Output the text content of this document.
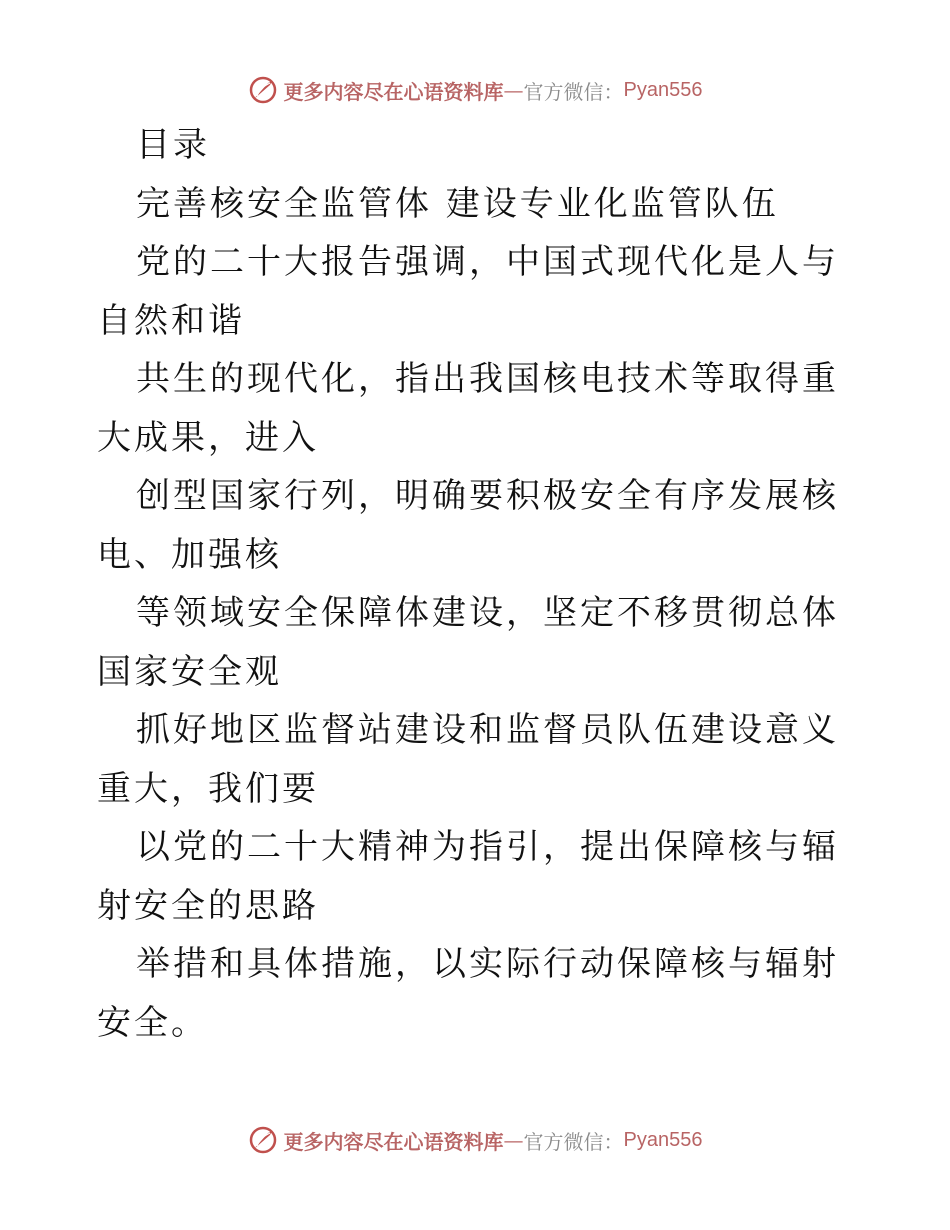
更多内容尽在心语资料库 — 官方微信： Pyan556

目录

完善核安全监管体 建设专业化监管队伍

党的二十大报告强调，中国式现代化是人与自然和谐

共生的现代化，指出我国核电技术等取得重大成果，进入

创型国家行列，明确要积极安全有序发展核电、加强核

等领域安全保障体建设，坚定不移贯彻总体国家安全观

抓好地区监督站建设和监督员队伍建设意义重大，我们要

以党的二十大精神为指引，提出保障核与辐射安全的思路

举措和具体措施，以实际行动保障核与辐射安全。

更多内容尽在心语资料库 — 官方微信： Pyan556
